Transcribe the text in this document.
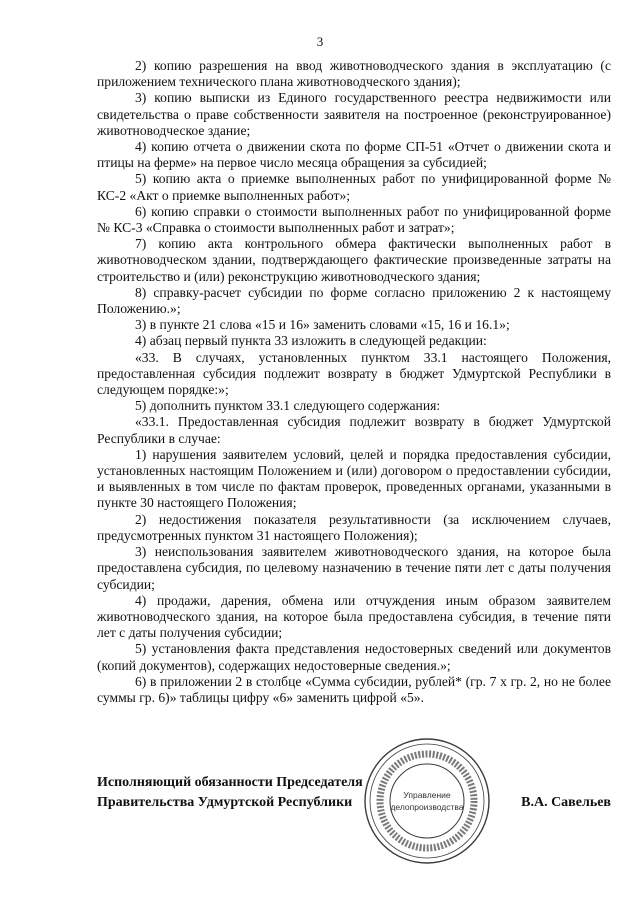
3

2) копию разрешения на ввод животноводческого здания в эксплуатацию (с приложением технического плана животноводческого здания);

3) копию выписки из Единого государственного реестра недвижимости или свидетельства о праве собственности заявителя на построенное (реконструированное) животноводческое здание;

4) копию отчета о движении скота по форме СП-51 «Отчет о движении скота и птицы на ферме» на первое число месяца обращения за субсидией;

5) копию акта о приемке выполненных работ по унифицированной форме № КС-2 «Акт о приемке выполненных работ»;

6) копию справки о стоимости выполненных работ по унифицированной форме № КС-3 «Справка о стоимости выполненных работ и затрат»;

7) копию акта контрольного обмера фактически выполненных работ в животноводческом здании, подтверждающего фактические произведенные затраты на строительство и (или) реконструкцию животноводческого здания;

8) справку-расчет субсидии по форме согласно приложению 2 к настоящему Положению.»;

3) в пункте 21 слова «15 и 16» заменить словами «15, 16 и 16.1»;

4) абзац первый пункта 33 изложить в следующей редакции:

«33. В случаях, установленных пунктом 33.1 настоящего Положения, предоставленная субсидия подлежит возврату в бюджет Удмуртской Республики в следующем порядке:»;

5) дополнить пунктом 33.1 следующего содержания:

«33.1. Предоставленная субсидия подлежит возврату в бюджет Удмуртской Республики в случае:

1) нарушения заявителем условий, целей и порядка предоставления субсидии, установленных настоящим Положением и (или) договором о предоставлении субсидии, и выявленных в том числе по фактам проверок, проведенных органами, указанными в пункте 30 настоящего Положения;

2) недостижения показателя результативности (за исключением случаев, предусмотренных пунктом 31 настоящего Положения);

3) неиспользования заявителем животноводческого здания, на которое была предоставлена субсидия, по целевому назначению в течение пяти лет с даты получения субсидии;

4) продажи, дарения, обмена или отчуждения иным образом заявителем животноводческого здания, на которое была предоставлена субсидия, в течение пяти лет с даты получения субсидии;

5) установления факта представления недостоверных сведений или документов (копий документов), содержащих недостоверные сведения.»;

6) в приложении 2 в столбце «Сумма субсидии, рублей* (гр. 7 х гр. 2, но не более суммы гр. 6)» таблицы цифру «6» заменить цифрой «5».

Исполняющий обязанности Председателя
Правительства Удмуртской Республики	В.А. Савельев
Управление
делопроизводства
